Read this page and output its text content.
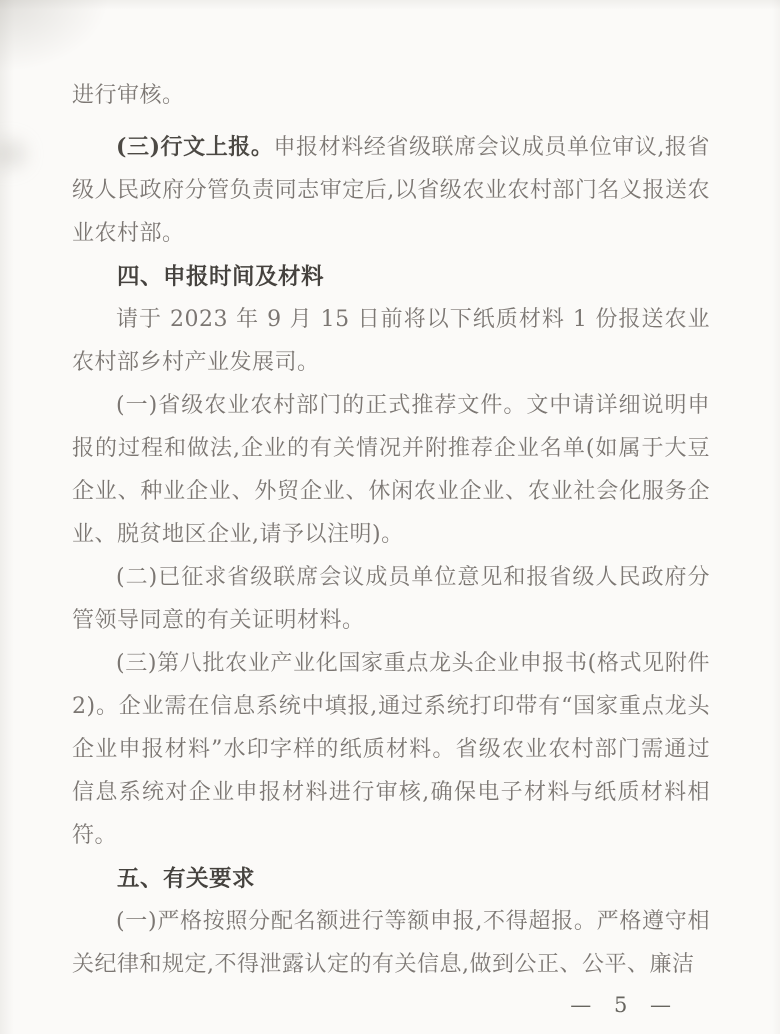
进行审核。

(三)行文上报。申报材料经省级联席会议成员单位审议,报省级人民政府分管负责同志审定后,以省级农业农村部门名义报送农业农村部。

四、申报时间及材料

请于 2023 年 9 月 15 日前将以下纸质材料 1 份报送农业农村部乡村产业发展司。

(一)省级农业农村部门的正式推荐文件。文中请详细说明申报的过程和做法,企业的有关情况并附推荐企业名单(如属于大豆企业、种业企业、外贸企业、休闲农业企业、农业社会化服务企业、脱贫地区企业,请予以注明)。

(二)已征求省级联席会议成员单位意见和报省级人民政府分管领导同意的有关证明材料。

(三)第八批农业产业化国家重点龙头企业申报书(格式见附件2)。企业需在信息系统中填报,通过系统打印带有“国家重点龙头企业申报材料”水印字样的纸质材料。省级农业农村部门需通过信息系统对企业申报材料进行审核,确保电子材料与纸质材料相符。

五、有关要求

(一)严格按照分配名额进行等额申报,不得超报。严格遵守相关纪律和规定,不得泄露认定的有关信息,做到公正、公平、廉洁

— 5 —
